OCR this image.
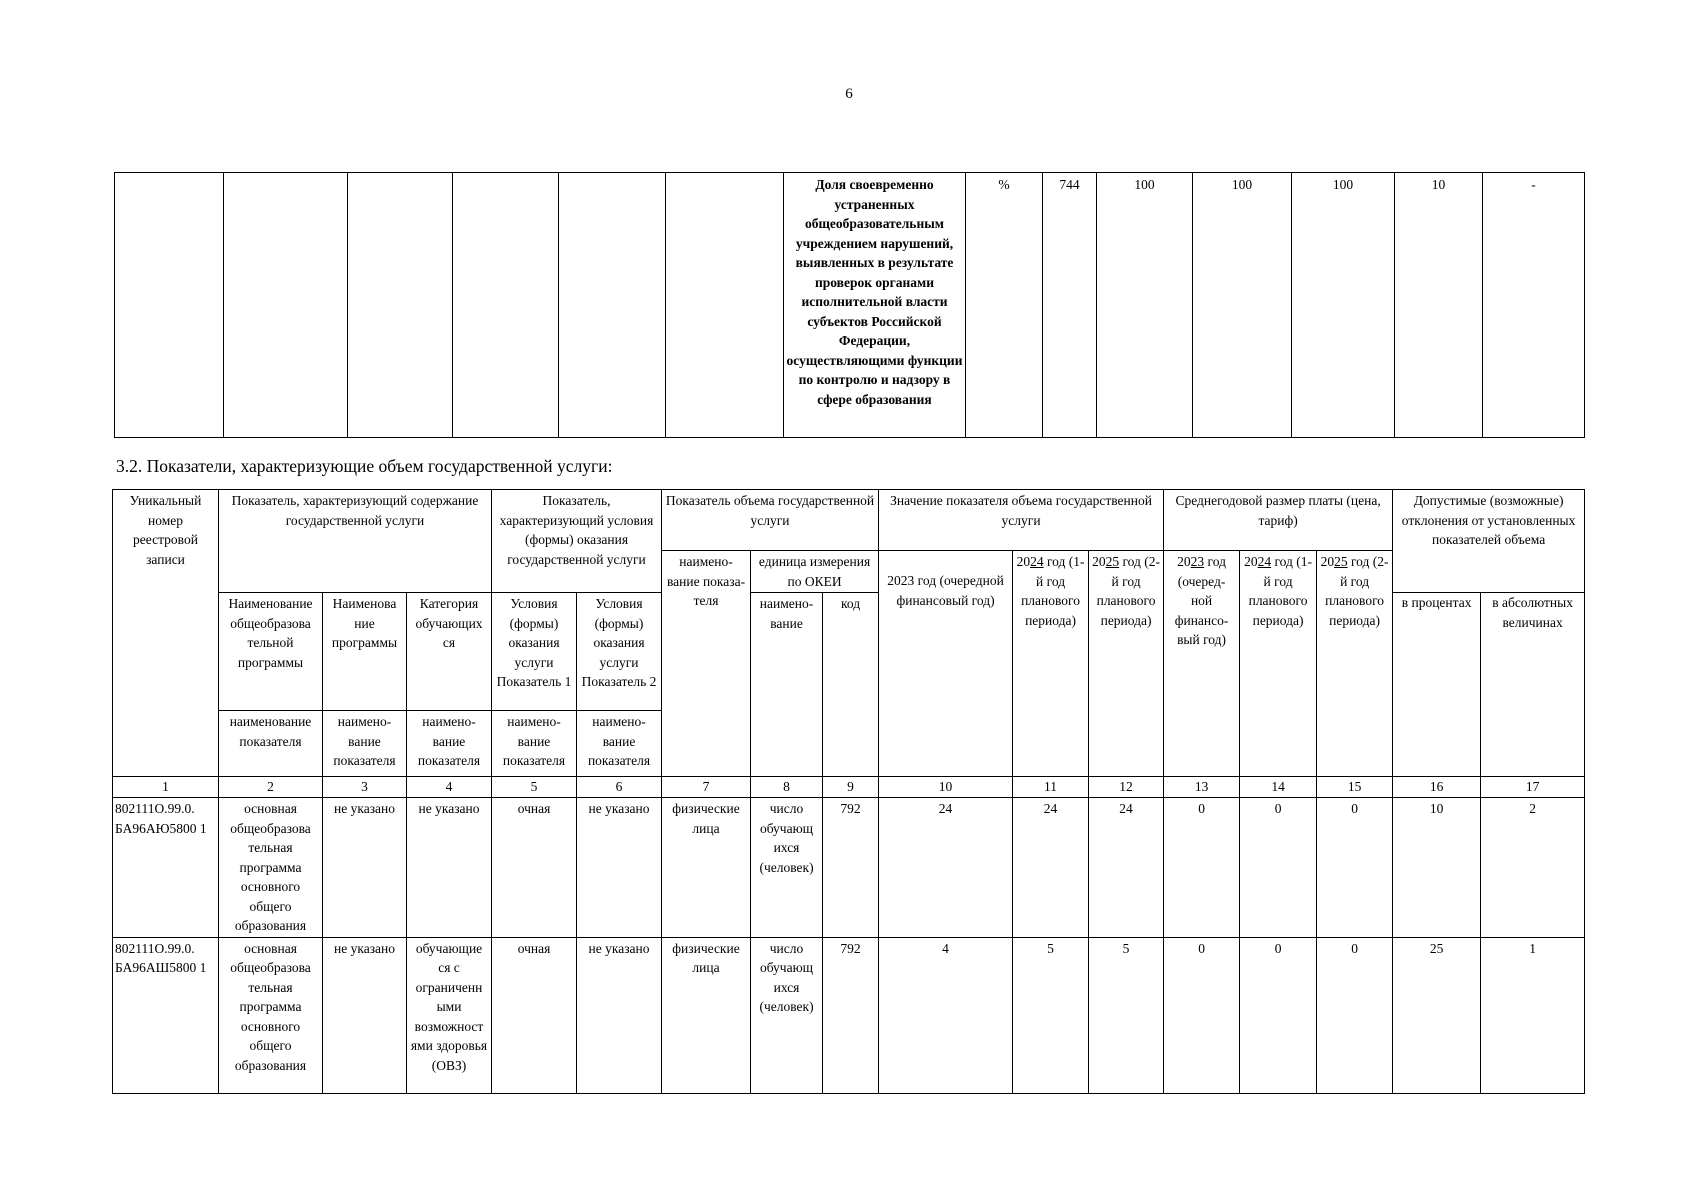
6
						Доля своевременно устраненных общеобразовательным учреждением нарушений, выявленных в результате проверок органами исполнительной власти субъектов Российской Федерации, осуществляющими функции по контролю и надзору в сфере образования	%	744	100	100	100	10	-
3.2. Показатели, характеризующие объем государственной услуги:
Уникальный номер реестровой записи	Показатель, характеризующий содержание государственной услуги			Показатель, характеризующий условия (формы) оказания государственной услуги		Показатель объема государственной услуги			Значение показателя объема государственной услуги			Среднегодовой размер платы (цена, тариф)			Допустимые (возможные) отклонения от установленных показателей объема	
						наимено- вание показа- теля	единица измерения по ОКЕИ		2023 год (очередной финансовый год)	2024 год (1-й год планового периода)	2025 год (2-й год планового периода)	2023 год (очеред- ной финансо- вый год)	2024 год (1-й год планового периода)	2025 год (2-й год планового периода)		
	Наименование общеобразова тельной программы	Наименова ние программы	Категория обучающих ся	Условия (формы) оказания услуги Показатель 1	Условия (формы) оказания услуги Показатель 2		наимено- вание	код							в процентах	в абсолютных величинах
	наименование показателя	наимено- вание показателя	наимено- вание показателя	наимено- вание показателя	наимено- вание показателя											
1	2	3	4	5	6	7	8	9	10	11	12	13	14	15	16	17
802111О.99.0. БА96АЮ5800 1	основная общеобразова тельная программа основного общего образования	не указано	не указано	очная	не указано	физические лица	число обучающ ихся (человек)	792	24	24	24	0	0	0	10	2
802111О.99.0. БА96АШ5800 1	основная общеобразова тельная программа основного общего образования	не указано	обучающие ся с ограниченн ыми возможност ями здоровья (ОВЗ)	очная	не указано	физические лица	число обучающ ихся (человек)	792	4	5	5	0	0	0	25	1
